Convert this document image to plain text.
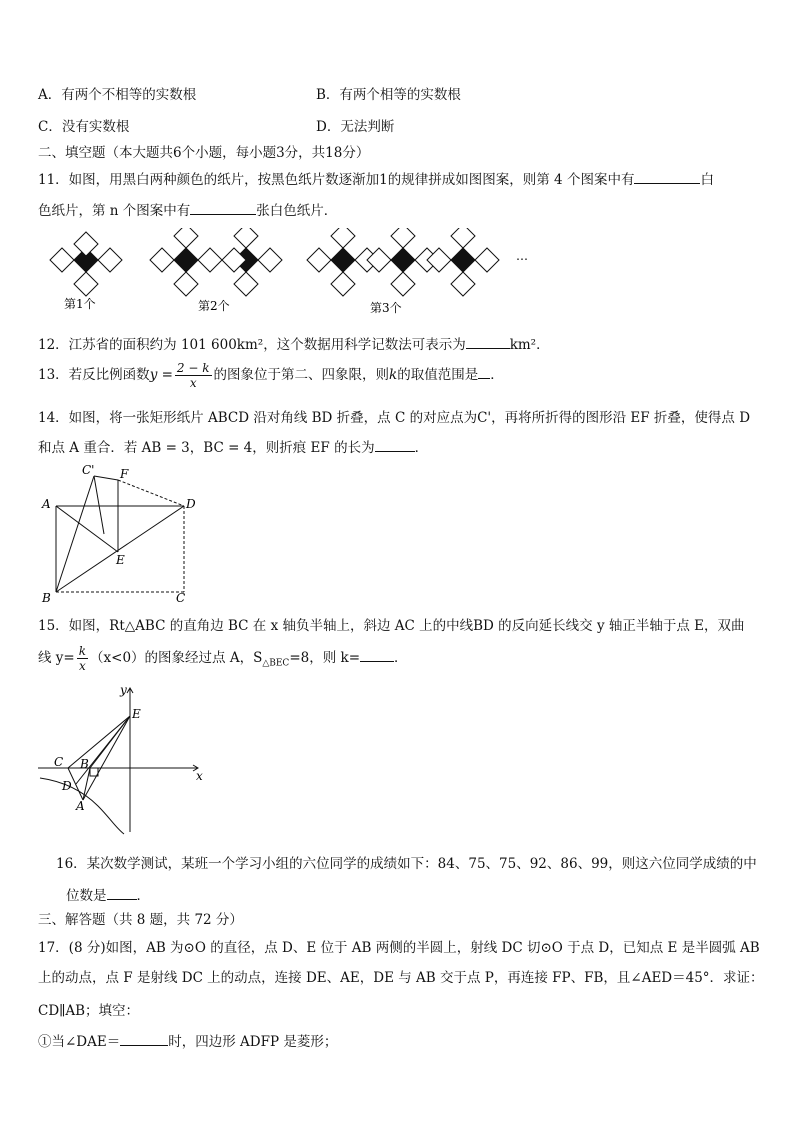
A．有两个不相等的实数根	B．有两个相等的实数根
C．没有实数根	D．无法判断
二、填空题（本大题共6个小题，每小题3分，共18分）
11．如图，用黑白两种颜色的纸片，按黑色纸片数逐渐加1的规律拼成如图图案，则第 4 个图案中有	白
色纸片，第 n 个图案中有	张白色纸片．
…
第1个	第2个	第3个
12．江苏省的面积约为 101 600km²，这个数据用科学记数法可表示为	km²．
13．若反比例函数$y = \frac{2 - k}{x}$ 的图象位于第二、四象限，则k的取值范围是 ．
14．如图，将一张矩形纸片 ABCD 沿对角线 BD 折叠，点 C 的对应点为C'，再将所折得的图形沿 EF 折叠，使得点 D
和点 A 重合．若 AB = 3，BC = 4，则折痕 EF 的长为	．
C' F
A	D
E
B	C
15．如图，Rt△ABC 的直角边 BC 在 x 轴负半轴上，斜边 AC 上的中线BD 的反向延长线交 y 轴正半轴于点 E，双曲
线 $y= \frac{k}{x} (x<0)$的图象经过点 A，$S_{\triangle BEC}=8$，则 k=	．
y
x
E
C B
D
A
16．某次数学测试，某班一个学习小组的六位同学的成绩如下：84、75、75、92、86、99，则这六位同学成绩的中
位数是 ．
三、解答题（共 8 题，共 72 分）
17．(8 分)如图，AB 为⊙O 的直径，点 D、E 位于 AB 两侧的半圆上，射线 DC 切⊙O 于点 D，已知点 E 是半圆弧 AB
上的动点，点 F 是射线 DC 上的动点，连接 DE、AE，DE 与 AB 交于点 P，再连接 FP、FB，且∠AED＝45°．求证：
CD∥AB；填空：
①当∠DAE＝	时，四边形 ADFP 是菱形；
